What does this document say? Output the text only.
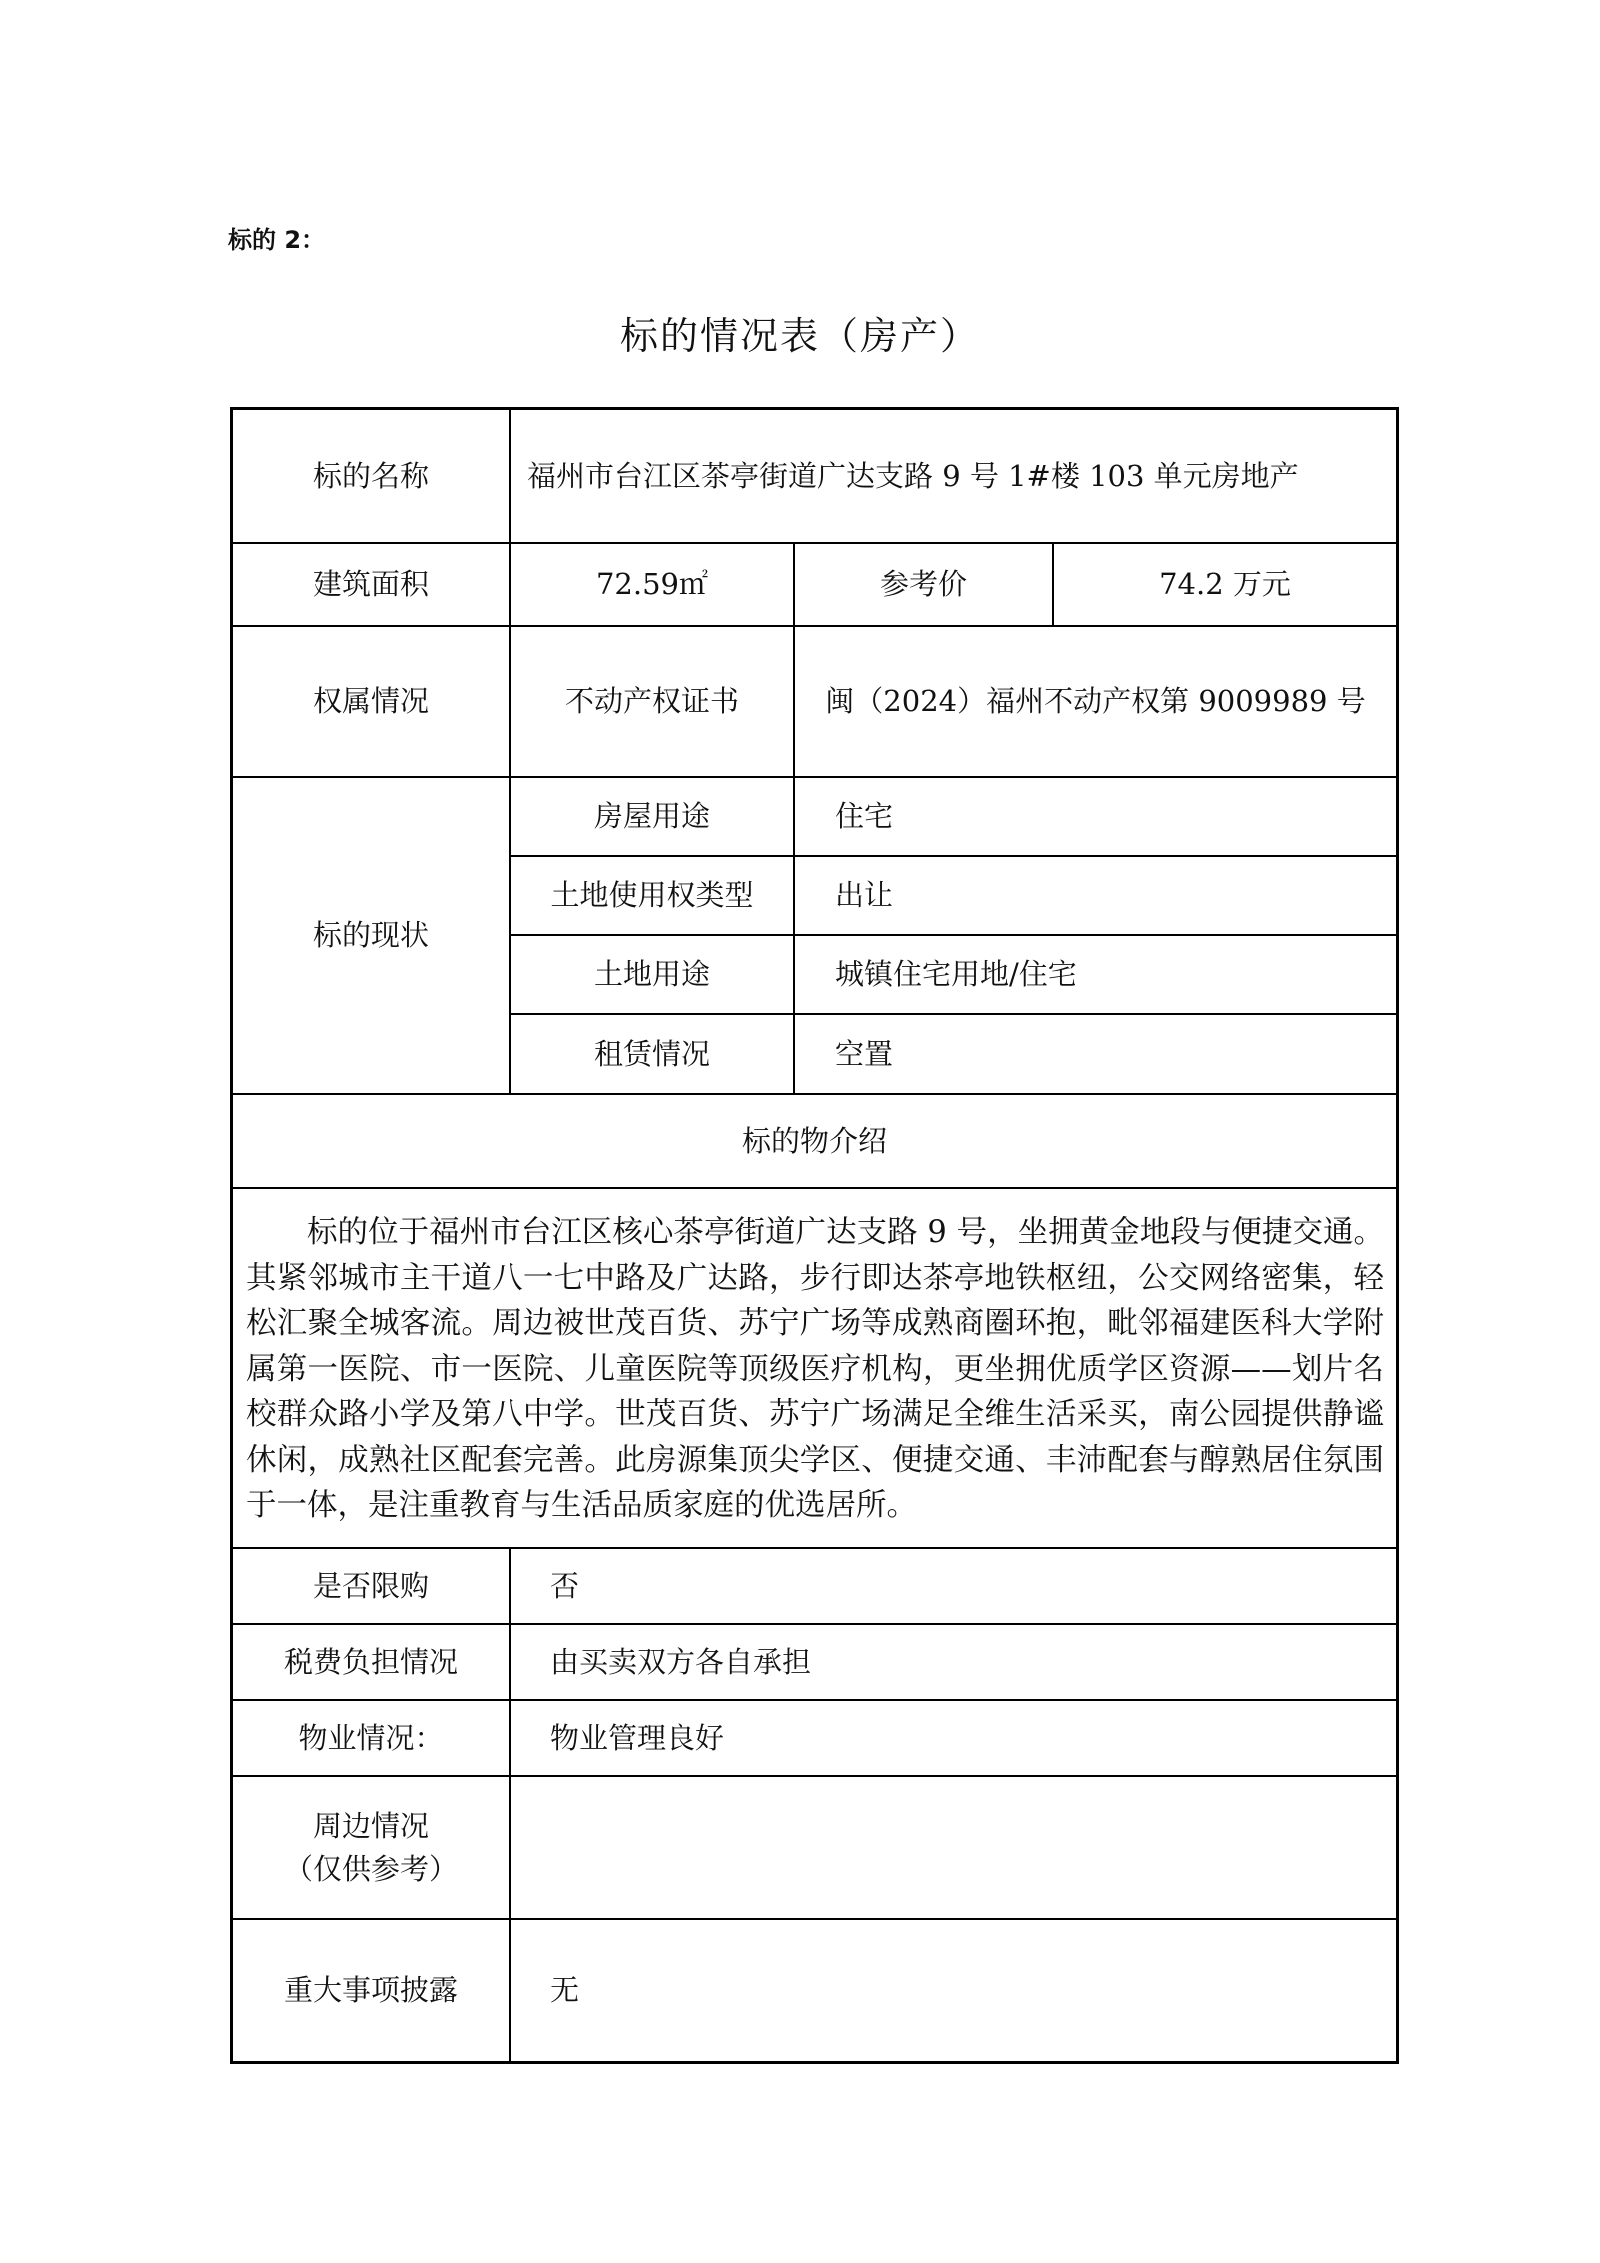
标的 2：
标的情况表（房产）
标的名称	福州市台江区茶亭街道广达支路 9 号 1#楼 103 单元房地产
建筑面积	72.59㎡	参考价	74.2 万元
权属情况	不动产权证书	闽（2024）福州不动产权第 9009989 号
标的现状
房屋用途	住宅
土地使用权类型	出让
土地用途	城镇住宅用地/住宅
租赁情况	空置
标的物介绍
标的位于福州市台江区核心茶亭街道广达支路 9 号，坐拥黄金地段与便捷交通。其紧邻城市主干道八一七中路及广达路，步行即达茶亭地铁枢纽，公交网络密集，轻松汇聚全城客流。周边被世茂百货、苏宁广场等成熟商圈环抱，毗邻福建医科大学附属第一医院、市一医院、儿童医院等顶级医疗机构，更坐拥优质学区资源——划片名校群众路小学及第八中学。世茂百货、苏宁广场满足全维生活采买，南公园提供静谧休闲，成熟社区配套完善。此房源集顶尖学区、便捷交通、丰沛配套与醇熟居住氛围于一体，是注重教育与生活品质家庭的优选居所。
是否限购	否
税费负担情况	由买卖双方各自承担
物业情况：	物业管理良好
周边情况
（仅供参考）
重大事项披露	无
